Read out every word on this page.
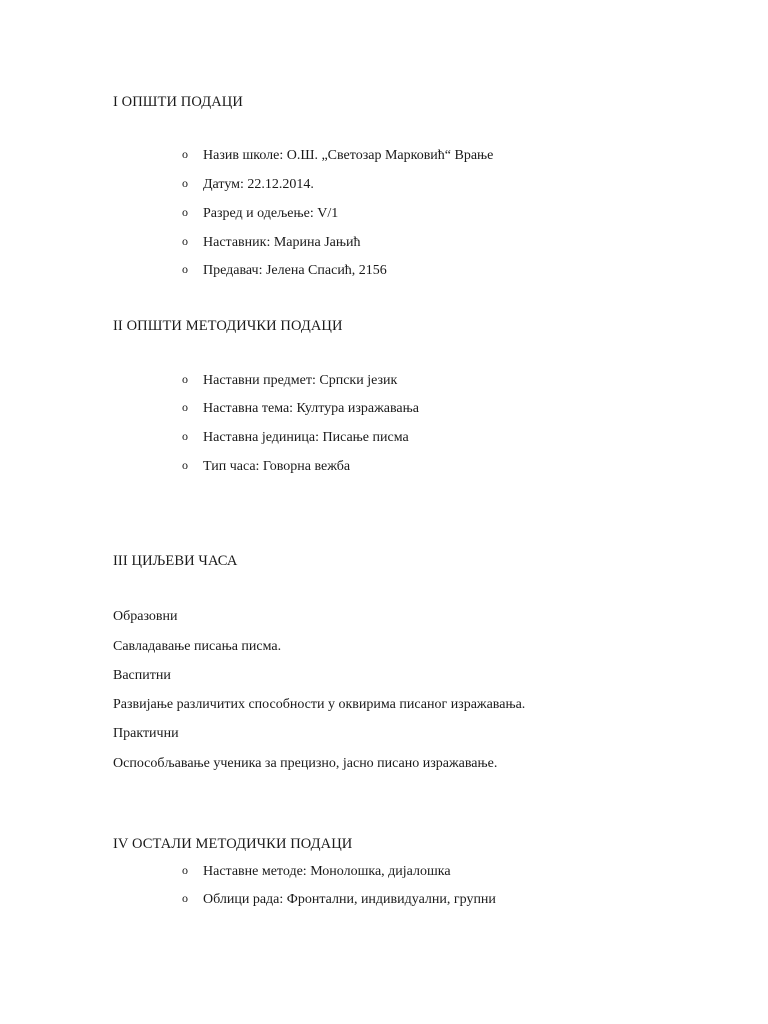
I ОПШТИ ПОДАЦИ
o Назив школе: О.Ш. „Светозар Марковић“ Врање
o Датум: 22.12.2014.
o Разред и одељење: V/1
o Наставник: Марина Јањић
o Предавач: Јелена Спасић, 2156
II ОПШТИ МЕТОДИЧКИ ПОДАЦИ
o Наставни предмет: Српски језик
o Наставна тема: Култура изражавања
o Наставна јединица: Писање писма
o Тип часа: Говорна вежба
III ЦИЉЕВИ ЧАСА
Образовни
Савладавање писања писма.
Васпитни
Развијање различитих способности у оквирима писаног изражавања.
Практични
Оспособљавање ученика за прецизно, јасно писано изражавање.
IV ОСТАЛИ МЕТОДИЧКИ ПОДАЦИ
o Наставне методе: Монолошка, дијалошка
o Облици рада: Фронтални, индивидуални, групни
